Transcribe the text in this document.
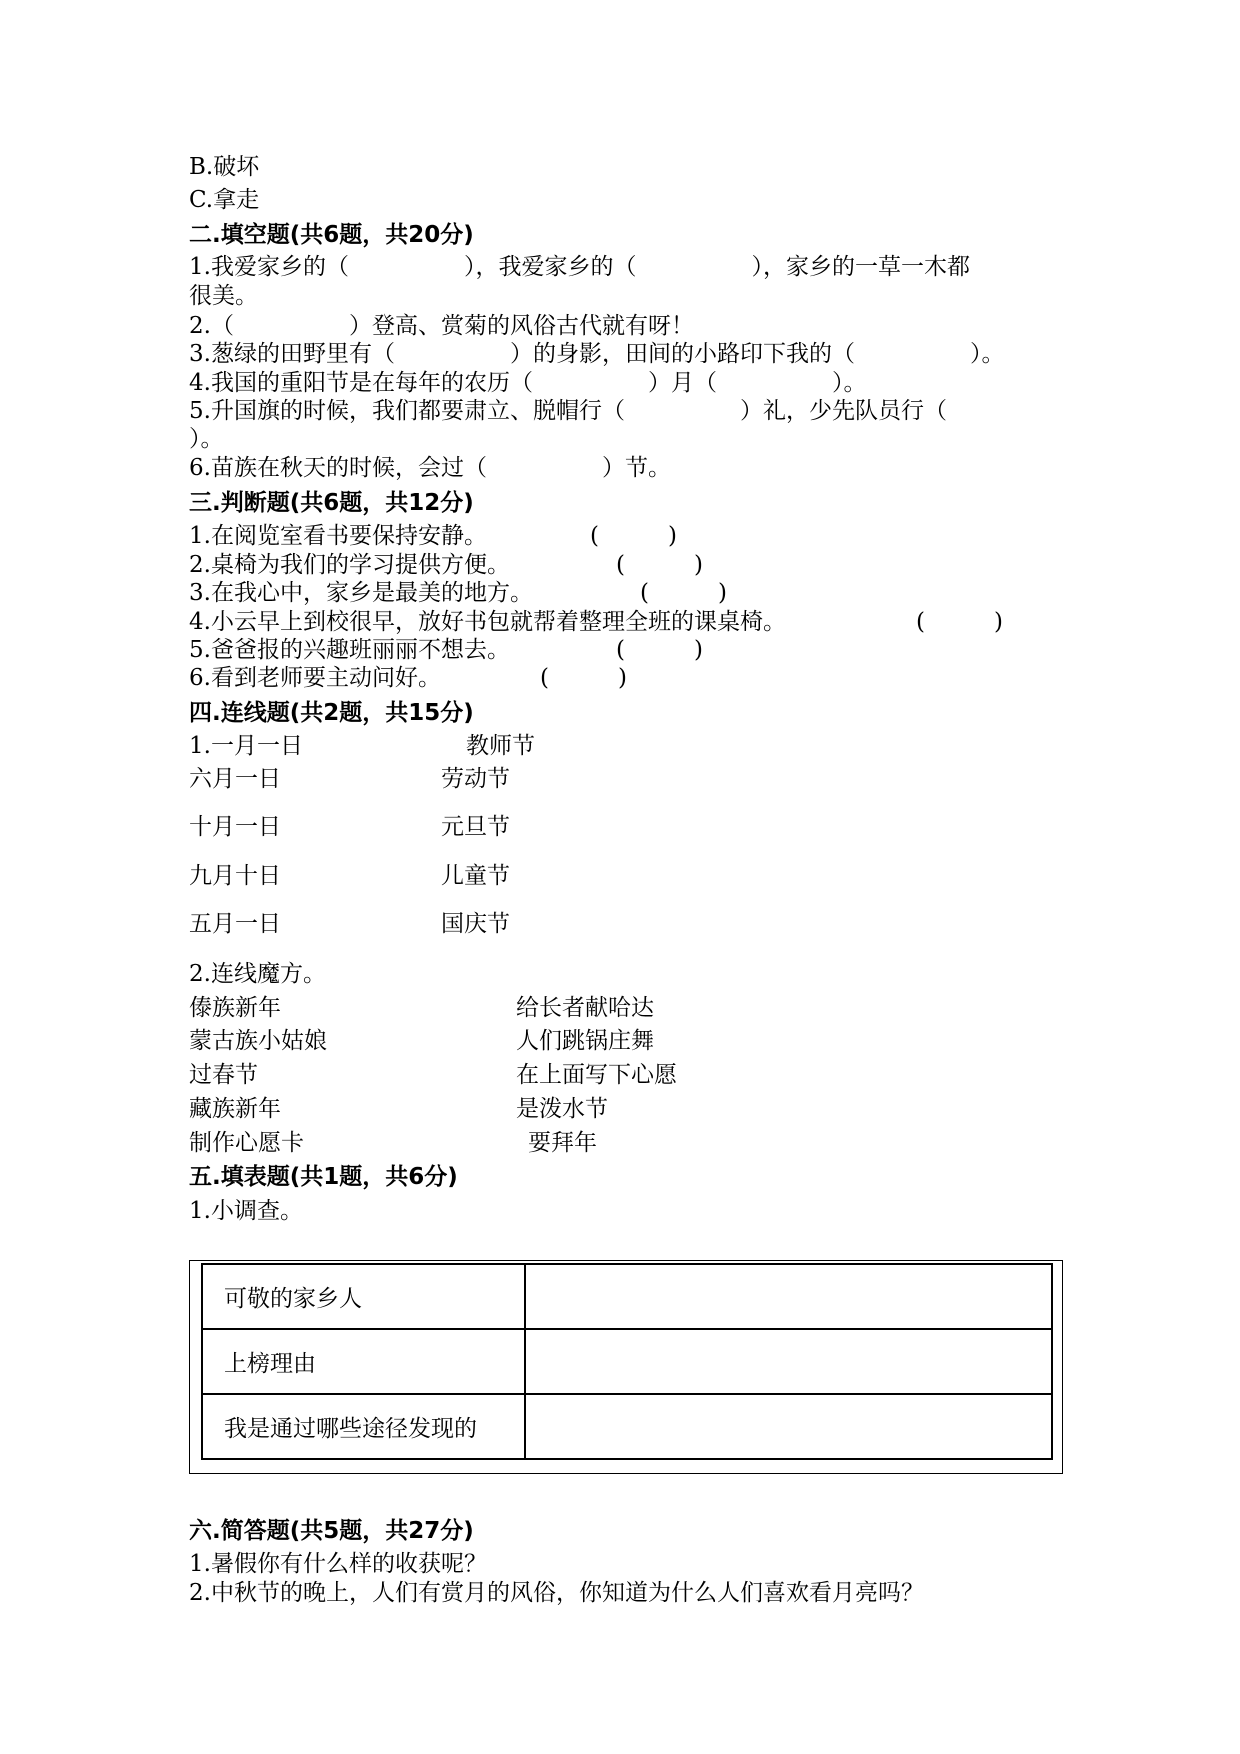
B.破坏
C.拿走
二.填空题(共6题，共20分)
1.我爱家乡的（　　　　　），我爱家乡的（　　　　　），家乡的一草一木都
很美。
2.（　　　　　）登高、赏菊的风俗古代就有呀！
3.葱绿的田野里有（　　　　　）的身影，田间的小路印下我的（　　　　　）。
4.我国的重阳节是在每年的农历（　　　　　）月（　　　　　）。
5.升国旗的时候，我们都要肃立、脱帽行（　　　　　）礼，少先队员行（
）。
6.苗族在秋天的时候，会过（　　　　　）节。
三.判断题(共6题，共12分)
1.在阅览室看书要保持安静。	(　　　)
2.桌椅为我们的学习提供方便。	(　　　)
3.在我心中，家乡是最美的地方。	(　　　)
4.小云早上到校很早，放好书包就帮着整理全班的课桌椅。	(　　　)
5.爸爸报的兴趣班丽丽不想去。	(　　　)
6.看到老师要主动问好。	(　　　)
四.连线题(共2题，共15分)
1.一月一日	教师节
六月一日	劳动节
十月一日	元旦节
九月十日	儿童节
五月一日	国庆节
2.连线魔方。
傣族新年	给长者献哈达
蒙古族小姑娘	人们跳锅庄舞
过春节	在上面写下心愿
藏族新年	是泼水节
制作心愿卡	要拜年
五.填表题(共1题，共6分)
1.小调查。
可敬的家乡人	
上榜理由	
我是通过哪些途径发现的	
六.简答题(共5题，共27分)
1.暑假你有什么样的收获呢？
2.中秋节的晚上，人们有赏月的风俗，你知道为什么人们喜欢看月亮吗？
